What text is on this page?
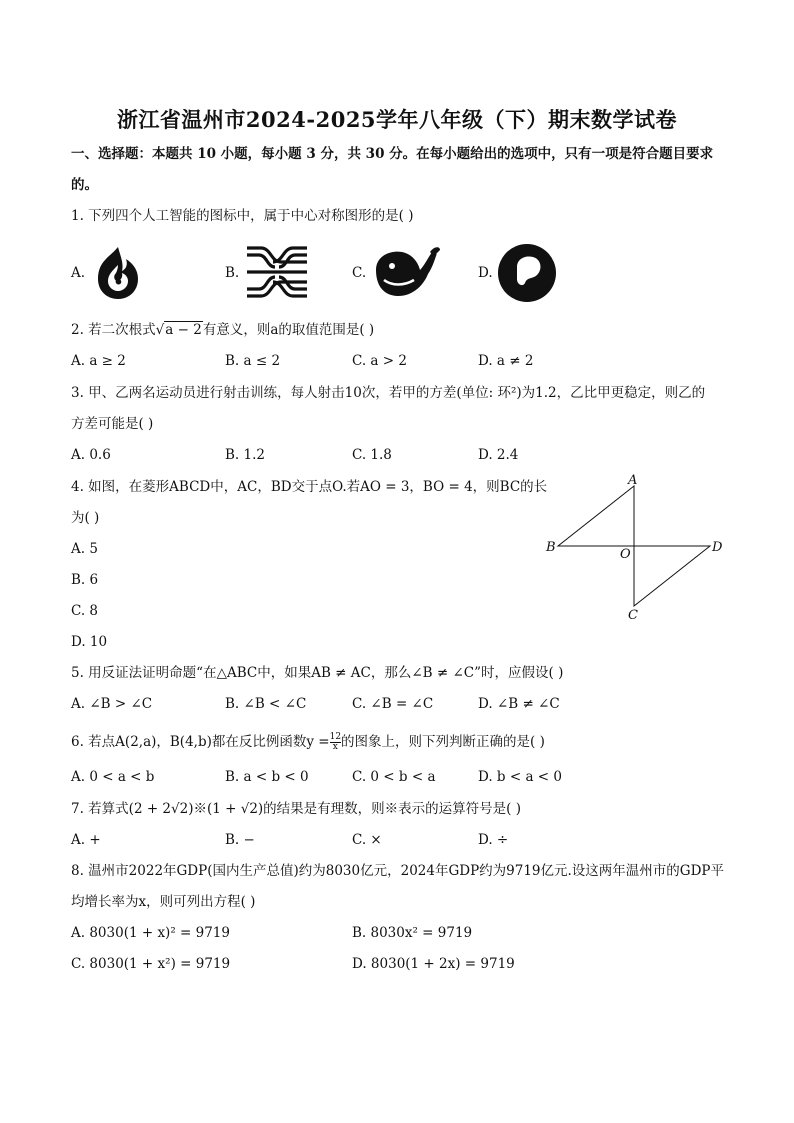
浙江省温州市2024-2025学年八年级（下）期末数学试卷
一、选择题：本题共 10 小题，每小题 3 分，共 30 分。在每小题给出的选项中，只有一项是符合题目要求
的。
1. 下列四个人工智能的图标中，属于中心对称图形的是( )
A.	B.	C.	D.
2. 若二次根式√a − 2有意义，则a的取值范围是( )
A. a ≥ 2	B. a ≤ 2	C. a > 2	D. a ≠ 2
3. 甲、乙两名运动员进行射击训练，每人射击10次，若甲的方差(单位: 环²)为1.2，乙比甲更稳定，则乙的
方差可能是( )
A. 0.6	B. 1.2	C. 1.8	D. 2.4
4. 如图，在菱形ABCD中，AC，BD交于点O.若AO = 3，BO = 4，则BC的长
为( )
A. 5
B. 6
C. 8
D. 10
A
B	D
C
O
5. 用反证法证明命题“在△ABC中，如果AB ≠ AC，那么∠B ≠ ∠C”时，应假设( )
A. ∠B > ∠C	B. ∠B < ∠C	C. ∠B = ∠C	D. ∠B ≠ ∠C
6. 若点A(2,a)，B(4,b)都在反比例函数$y = \frac{12}{x}$ 的图象上，则下列判断正确的是( )
A. 0 < a < b	B. a < b < 0	C. 0 < b < a	D. b < a < 0
7. 若算式(2 + 2√2)※(1 + √2)的结果是有理数，则※表示的运算符号是( )
A. +	B. −	C. ×	D. ÷
8. 温州市2022年GDP(国内生产总值)约为8030亿元，2024年GDP约为9719亿元.设这两年温州市的GDP平
均增长率为x，则可列出方程( )
A. 8030(1 + x)² = 9719	B. 8030x² = 9719
C. 8030(1 + x²) = 9719	D. 8030(1 + 2x) = 9719
